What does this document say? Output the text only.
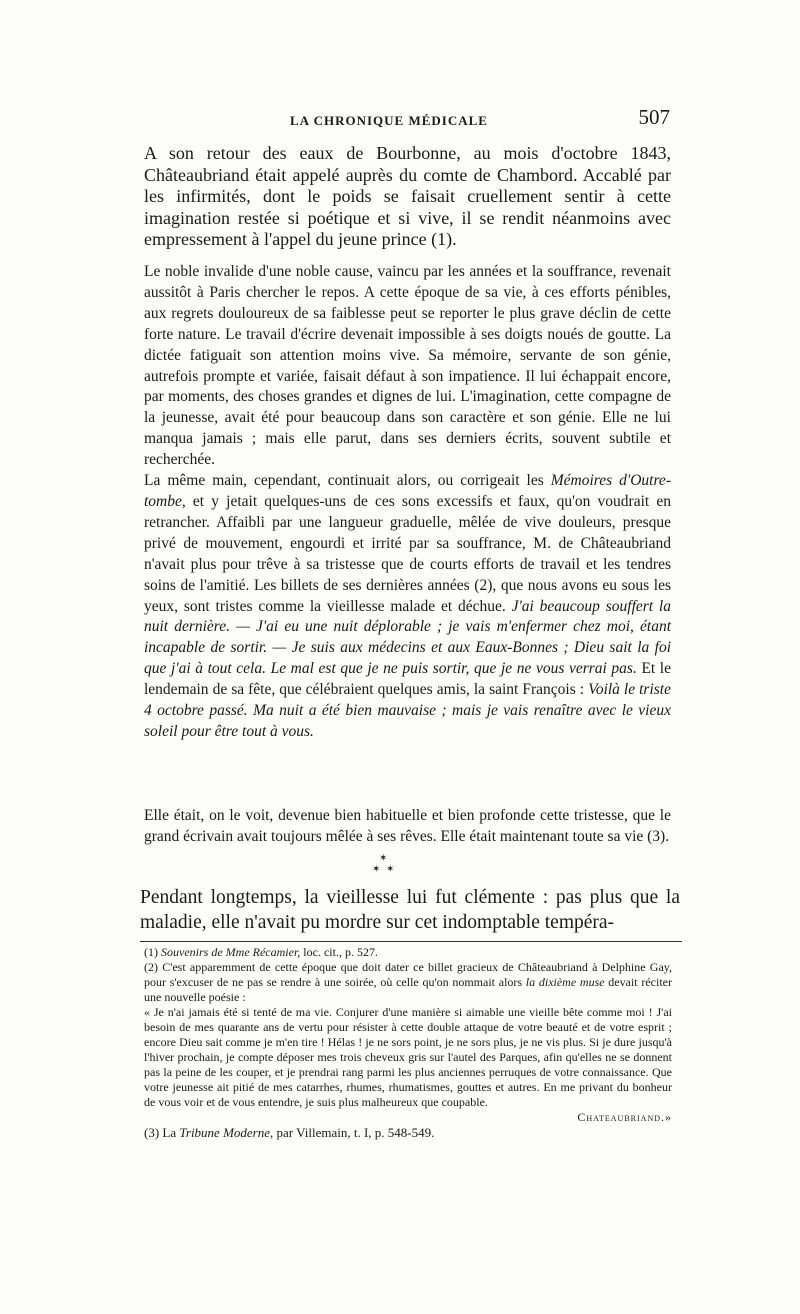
LA CHRONIQUE MÉDICALE	507

A son retour des eaux de Bourbonne, au mois d'octobre 1843, Châteaubriand était appelé auprès du comte de Chambord. Accablé par les infirmités, dont le poids se faisait cruellement sentir à cette imagination restée si poétique et si vive, il se rendit néanmoins avec empressement à l'appel du jeune prince (1).

Le noble invalide d'une noble cause, vaincu par les années et la souffrance, revenait aussitôt à Paris chercher le repos. A cette époque de sa vie, à ces efforts pénibles, aux regrets douloureux de sa faiblesse peut se reporter le plus grave déclin de cette forte nature. Le travail d'écrire devenait impossible à ses doigts noués de goutte. La dictée fatiguait son attention moins vive. Sa mémoire, servante de son génie, autrefois prompte et variée, faisait défaut à son impatience. Il lui échappait encore, par moments, des choses grandes et dignes de lui. L'imagination, cette compagne de la jeunesse, avait été pour beaucoup dans son caractère et son génie. Elle ne lui manqua jamais ; mais elle parut, dans ses derniers écrits, souvent subtile et recherchée.

La même main, cependant, continuait alors, ou corrigeait les Mémoires d'Outre-tombe, et y jetait quelques-uns de ces sons excessifs et faux, qu'on voudrait en retrancher. Affaibli par une langueur graduelle, mêlée de vive douleurs, presque privé de mouvement, engourdi et irrité par sa souffrance, M. de Châteaubriand n'avait plus pour trêve à sa tristesse que de courts efforts de travail et les tendres soins de l'amitié. Les billets de ses dernières années (2), que nous avons eu sous les yeux, sont tristes comme la vieillesse malade et déchue. J'ai beaucoup souffert la nuit dernière. — J'ai eu une nuit déplorable ; je vais m'enfermer chez moi, étant incapable de sortir. — Je suis aux médecins et aux Eaux-Bonnes ; Dieu sait la foi que j'ai à tout cela. Le mal est que je ne puis sortir, que je ne vous verrai pas. Et le lendemain de sa fête, que célébraient quelques amis, la saint François : Voilà le triste 4 octobre passé. Ma nuit a été bien mauvaise ; mais je vais renaître avec le vieux soleil pour être tout à vous.

Elle était, on le voit, devenue bien habituelle et bien profonde cette tristesse, que le grand écrivain avait toujours mêlée à ses rêves. Elle était maintenant toute sa vie (3).

✶
✶ ✶

Pendant longtemps, la vieillesse lui fut clémente : pas plus que la maladie, elle n'avait pu mordre sur cet indomptable tempéra-

(1) Souvenirs de Mme Récamier, loc. cit., p. 527.

(2) C'est apparemment de cette époque que doit dater ce billet gracieux de Châteaubriand à Delphine Gay, pour s'excuser de ne pas se rendre à une soirée, où celle qu'on nommait alors la dixième muse devait réciter une nouvelle poésie :

« Je n'ai jamais été si tenté de ma vie. Conjurer d'une manière si aimable une vieille bête comme moi ! J'ai besoin de mes quarante ans de vertu pour résister à cette double attaque de votre beauté et de votre esprit ; encore Dieu sait comme je m'en tire ! Hélas ! je ne sors point, je ne sors plus, je ne vis plus. Si je dure jusqu'à l'hiver prochain, je compte déposer mes trois cheveux gris sur l'autel des Parques, afin qu'elles ne se donnent pas la peine de les couper, et je prendrai rang parmi les plus anciennes perruques de votre connaissance. Que votre jeunesse ait pitié de mes catarrhes, rhumes, rhumatismes, gouttes et autres. En me privant du bonheur de vous voir et de vous entendre, je suis plus malheureux que coupable.

Chateaubriand.»

(3) La Tribune Moderne, par Villemain, t. I, p. 548-549.
